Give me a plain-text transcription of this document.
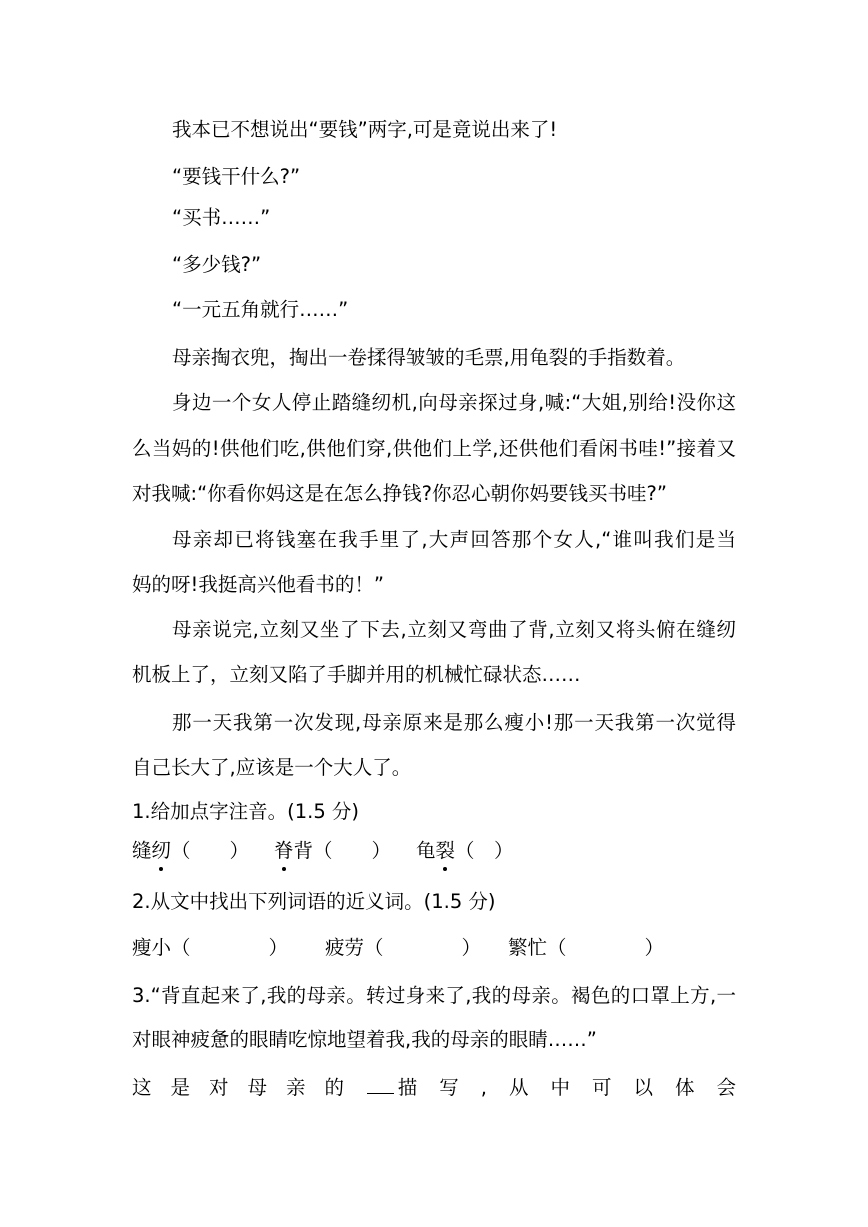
我本已不想说出“要钱”两字,可是竟说出来了!
“要钱干什么?”
“买书……”
“多少钱?”
“一元五角就行……”
母亲掏衣兜，掏出一卷揉得皱皱的毛票,用龟裂的手指数着。
身边一个女人停止踏缝纫机,向母亲探过身,喊:“大姐,别给!没你这
么当妈的!供他们吃,供他们穿,供他们上学,还供他们看闲书哇!”接着又
对我喊:“你看你妈这是在怎么挣钱?你忍心朝你妈要钱买书哇?”
母亲却已将钱塞在我手里了,大声回答那个女人,“谁叫我们是当
妈的呀!我挺高兴他看书的！”
母亲说完,立刻又坐了下去,立刻又弯曲了背,立刻又将头俯在缝纫
机板上了，立刻又陷了手脚并用的机械忙碌状态……
那一天我第一次发现,母亲原来是那么瘦小!那一天我第一次觉得
自己长大了,应该是一个大人了。
1.给加点字注音。(1.5 分)
缝纫（　　） 脊背（　　） 龟裂（　）
2.从文中找出下列词语的近义词。(1.5 分)
瘦小（　　　　） 疲劳（　　　　） 繁忙（　　　　）
3.“背直起来了,我的母亲。转过身来了,我的母亲。褐色的口罩上方,一
对眼神疲惫的眼睛吃惊地望着我,我的母亲的眼睛……”
这是对母亲的 描写,从中可以体会
